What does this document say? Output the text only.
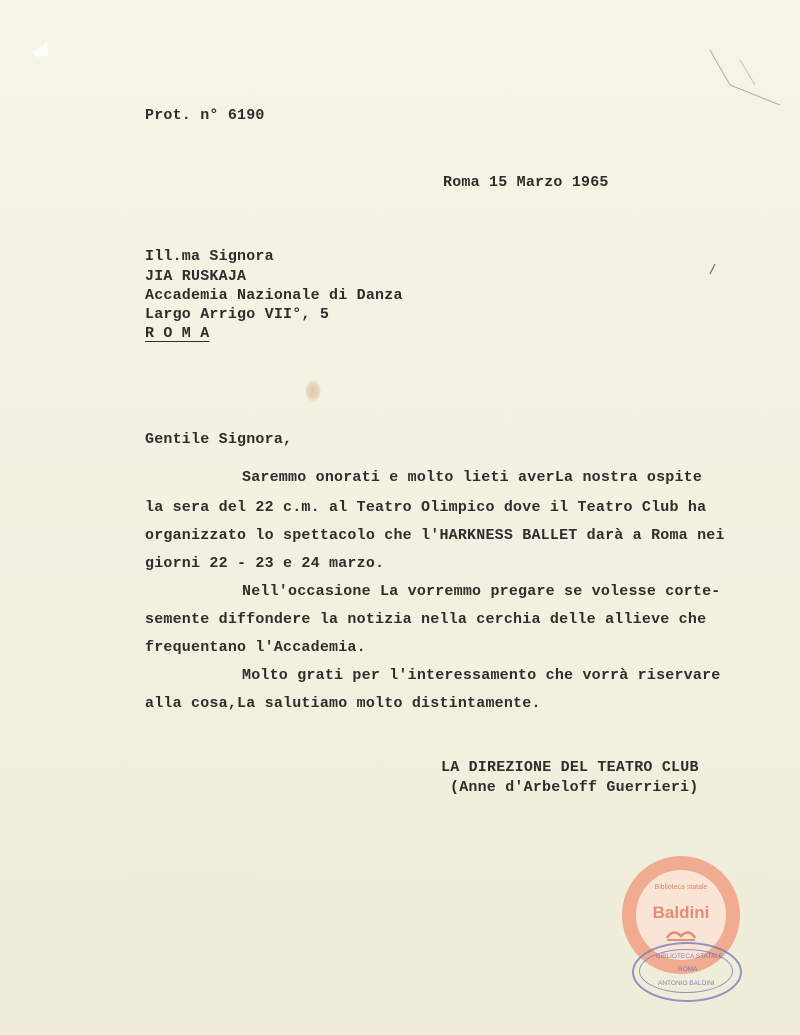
Prot. n° 6190
Roma 15 Marzo 1965
Ill.ma Signora
JIA RUSKAJA
Accademia Nazionale di Danza
Largo Arrigo VII°, 5
R O M A
Gentile Signora,
Saremmo onorati e molto lieti averLa nostra ospite
la sera del 22 c.m. al Teatro Olimpico dove il Teatro Club ha
organizzato lo spettacolo che l'HARKNESS BALLET darà a Roma nei
giorni 22 - 23 e 24 marzo.
Nell'occasione La vorremmo pregare se volesse corte-
semente diffondere la notizia nella cerchia delle allieve che
frequentano l'Accademia.
Molto grati per l'interessamento che vorrà riservare
alla cosa,La salutiamo molto distintamente.
LA DIREZIONE DEL TEATRO CLUB
(Anne d'Arbeloff Guerrieri)
Biblioteca statale
Baldini
BIBLIOTECA STATALE
ROMA
ANTONIO BALDINI
